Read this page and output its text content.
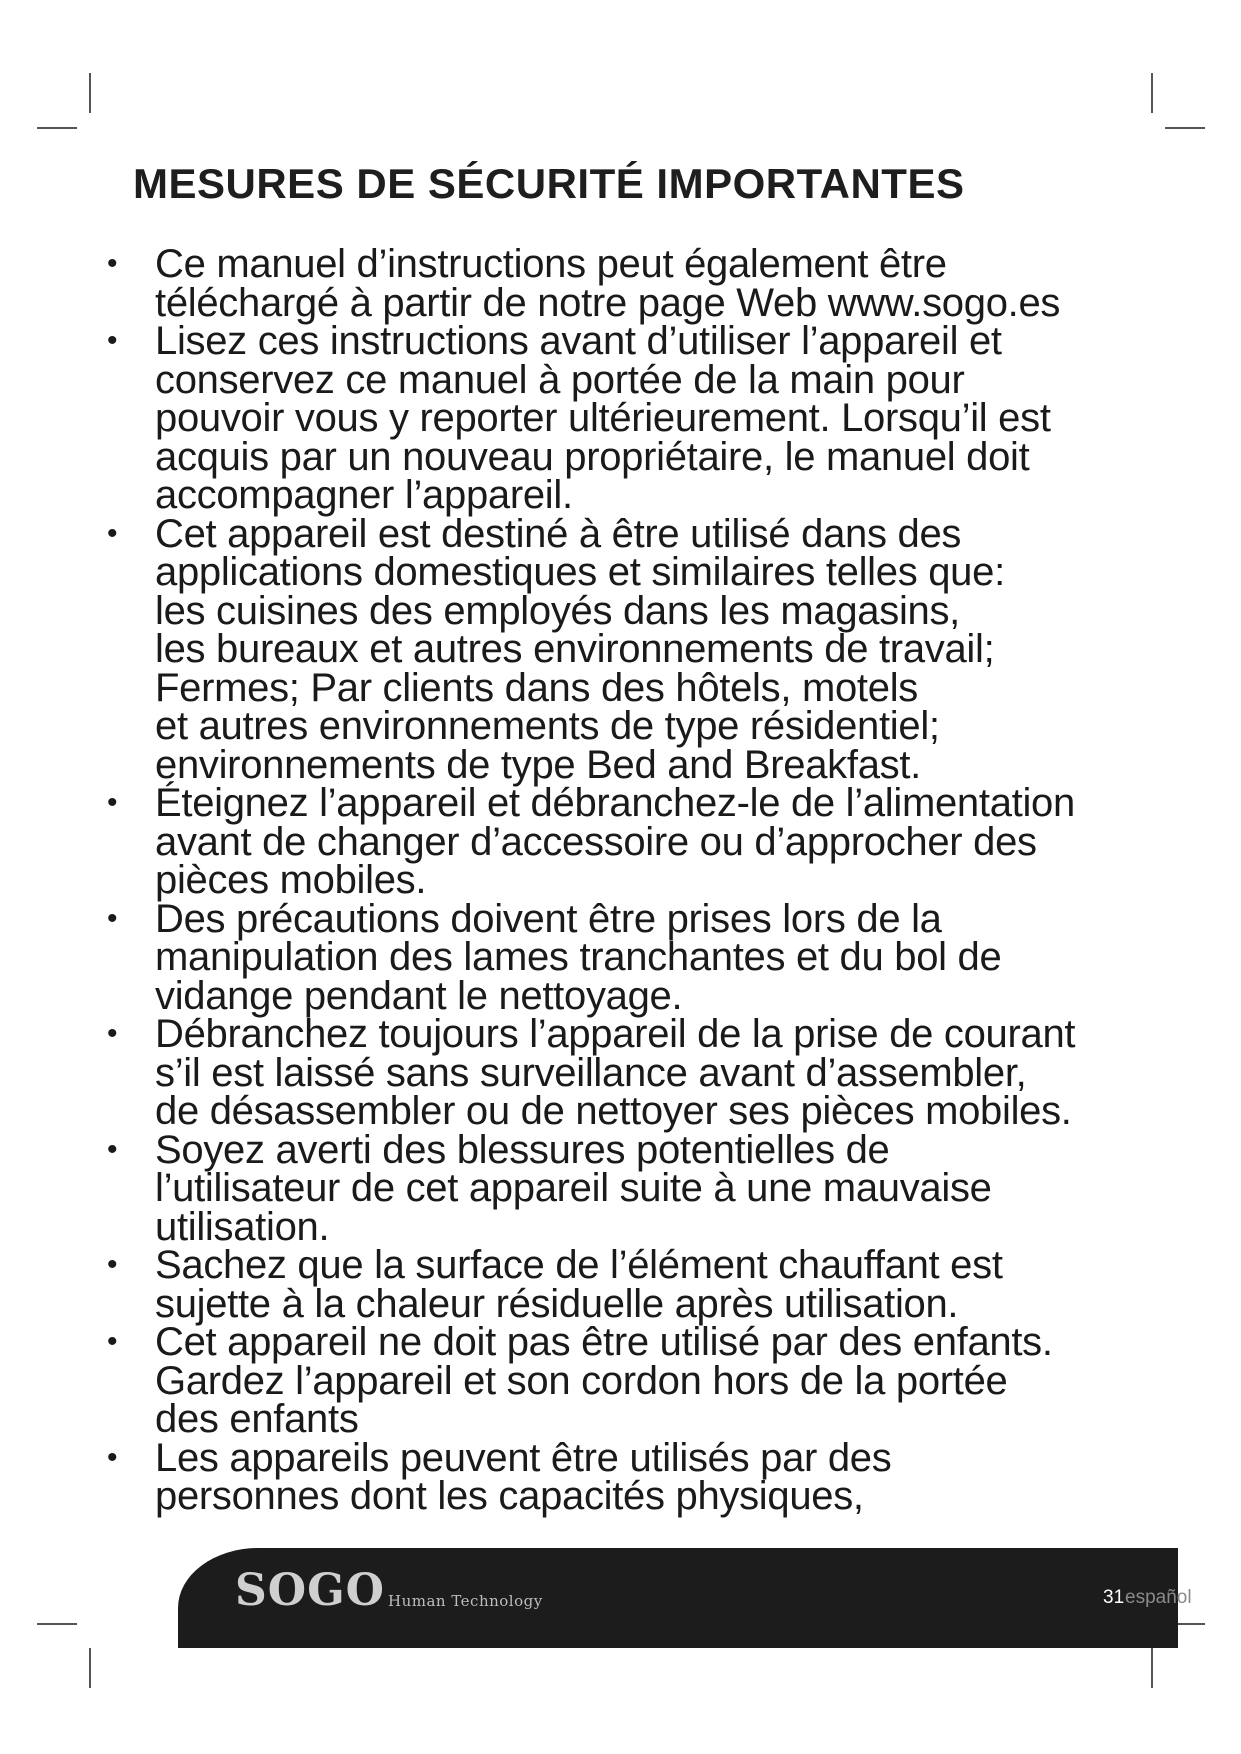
MESURES DE SÉCURITÉ IMPORTANTES
• Ce manuel d’instructions peut également être
téléchargé à partir de notre page Web www.sogo.es
• Lisez ces instructions avant d’utiliser l’appareil et
conservez ce manuel à portée de la main pour
pouvoir vous y reporter ultérieurement. Lorsqu’il est
acquis par un nouveau propriétaire, le manuel doit
accompagner l’appareil.
• Cet appareil est destiné à être utilisé dans des
applications domestiques et similaires telles que:
les cuisines des employés dans les magasins,
les bureaux et autres environnements de travail;
Fermes; Par clients dans des hôtels, motels
et autres environnements de type résidentiel;
environnements de type Bed and Breakfast.
• Éteignez l’appareil et débranchez-le de l’alimentation
avant de changer d’accessoire ou d’approcher des
pièces mobiles.
• Des précautions doivent être prises lors de la
manipulation des lames tranchantes et du bol de
vidange pendant le nettoyage.
• Débranchez toujours l’appareil de la prise de courant
s’il est laissé sans surveillance avant d’assembler,
de désassembler ou de nettoyer ses pièces mobiles.
• Soyez averti des blessures potentielles de
l’utilisateur de cet appareil suite à une mauvaise
utilisation.
• Sachez que la surface de l’élément chauffant est
sujette à la chaleur résiduelle après utilisation.
• Cet appareil ne doit pas être utilisé par des enfants.
Gardez l’appareil et son cordon hors de la portée
des enfants
• Les appareils peuvent être utilisés par des
personnes dont les capacités physiques,
SOGO Human Technology	31 español
